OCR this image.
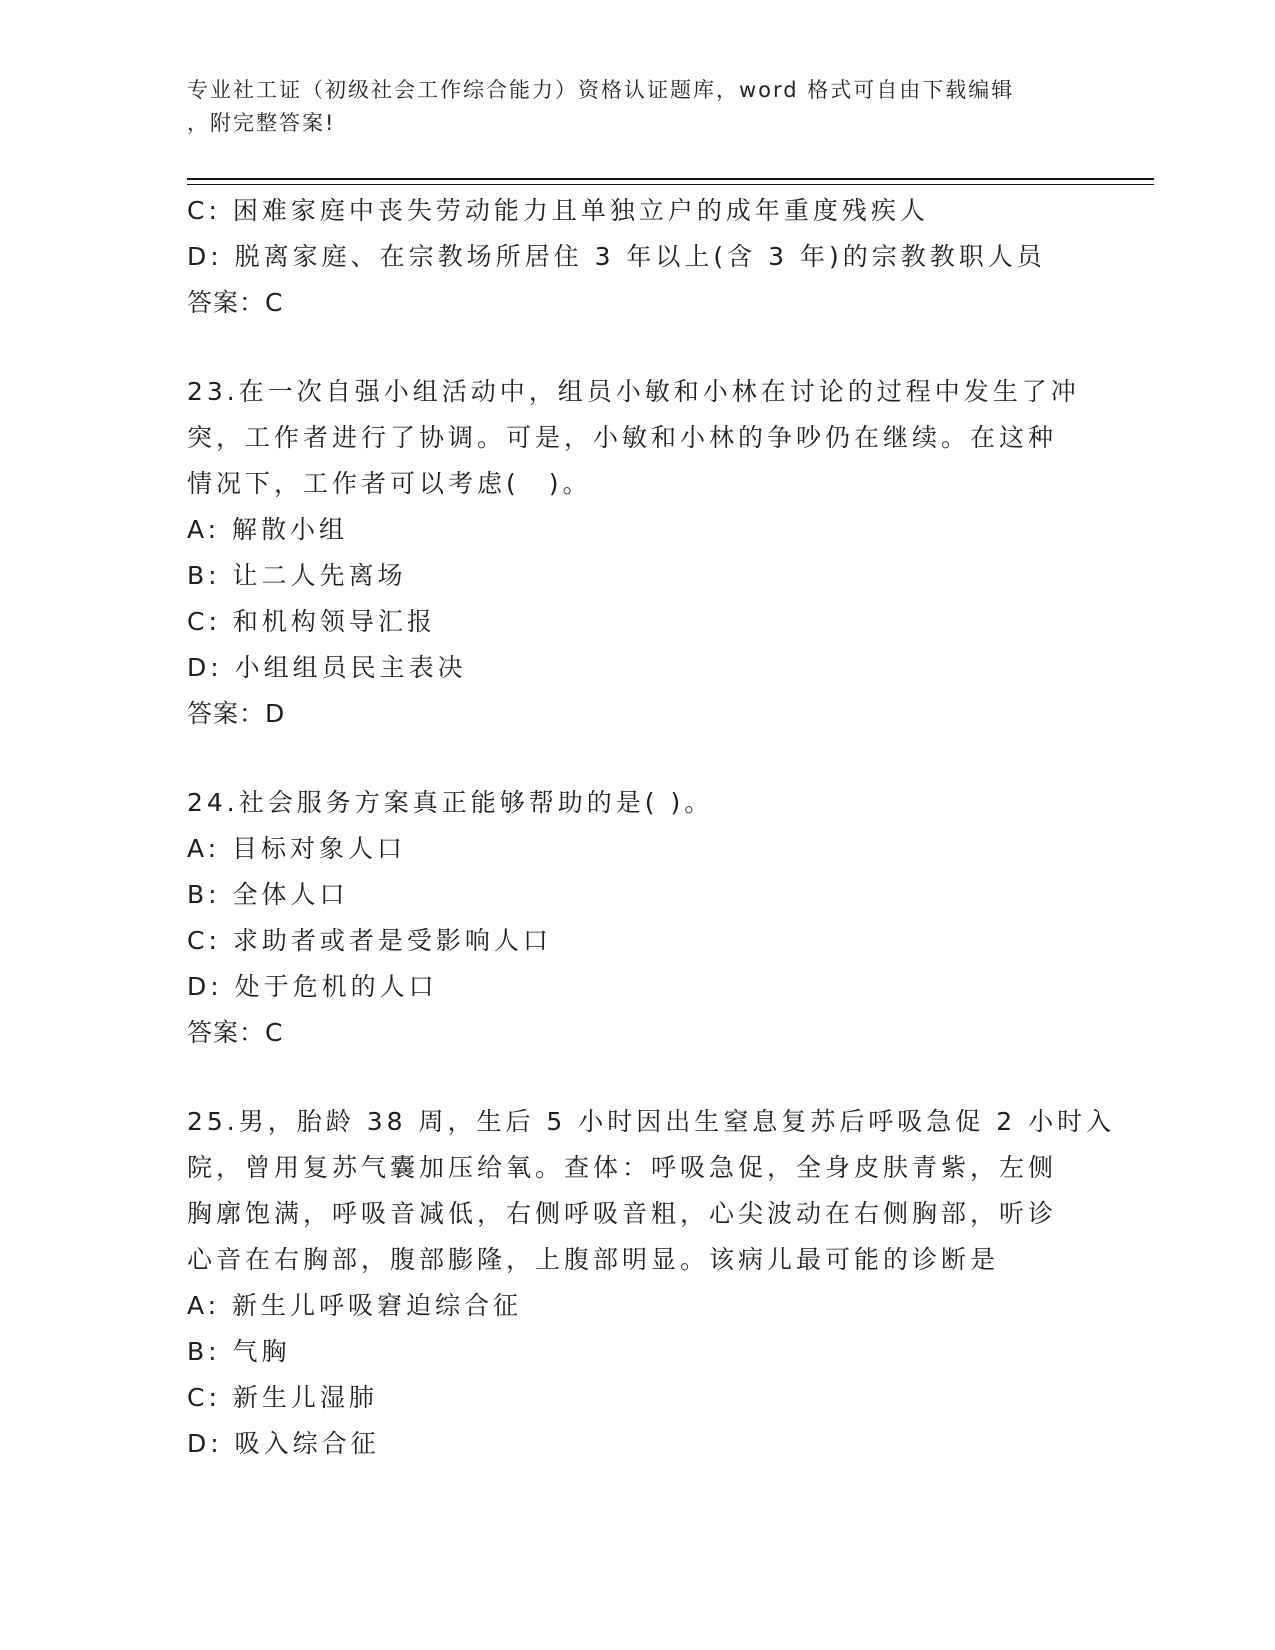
专业社工证（初级社会工作综合能力）资格认证题库，word 格式可自由下载编辑
，附完整答案!
C: 困难家庭中丧失劳动能力且单独立户的成年重度残疾人
D: 脱离家庭、在宗教场所居住 3 年以上(含 3 年)的宗教教职人员
答案：C
23.在一次自强小组活动中，组员小敏和小林在讨论的过程中发生了冲
突，工作者进行了协调。可是，小敏和小林的争吵仍在继续。在这种
情况下，工作者可以考虑(　)。
A: 解散小组
B: 让二人先离场
C: 和机构领导汇报
D: 小组组员民主表决
答案：D
24.社会服务方案真正能够帮助的是( )。
A: 目标对象人口
B: 全体人口
C: 求助者或者是受影响人口
D: 处于危机的人口
答案：C
25.男，胎龄 38 周，生后 5 小时因出生窒息复苏后呼吸急促 2 小时入
院，曾用复苏气囊加压给氧。查体：呼吸急促，全身皮肤青紫，左侧
胸廓饱满，呼吸音减低，右侧呼吸音粗，心尖波动在右侧胸部，听诊
心音在右胸部，腹部膨隆，上腹部明显。该病儿最可能的诊断是
A: 新生儿呼吸窘迫综合征
B: 气胸
C: 新生儿湿肺
D: 吸入综合征
